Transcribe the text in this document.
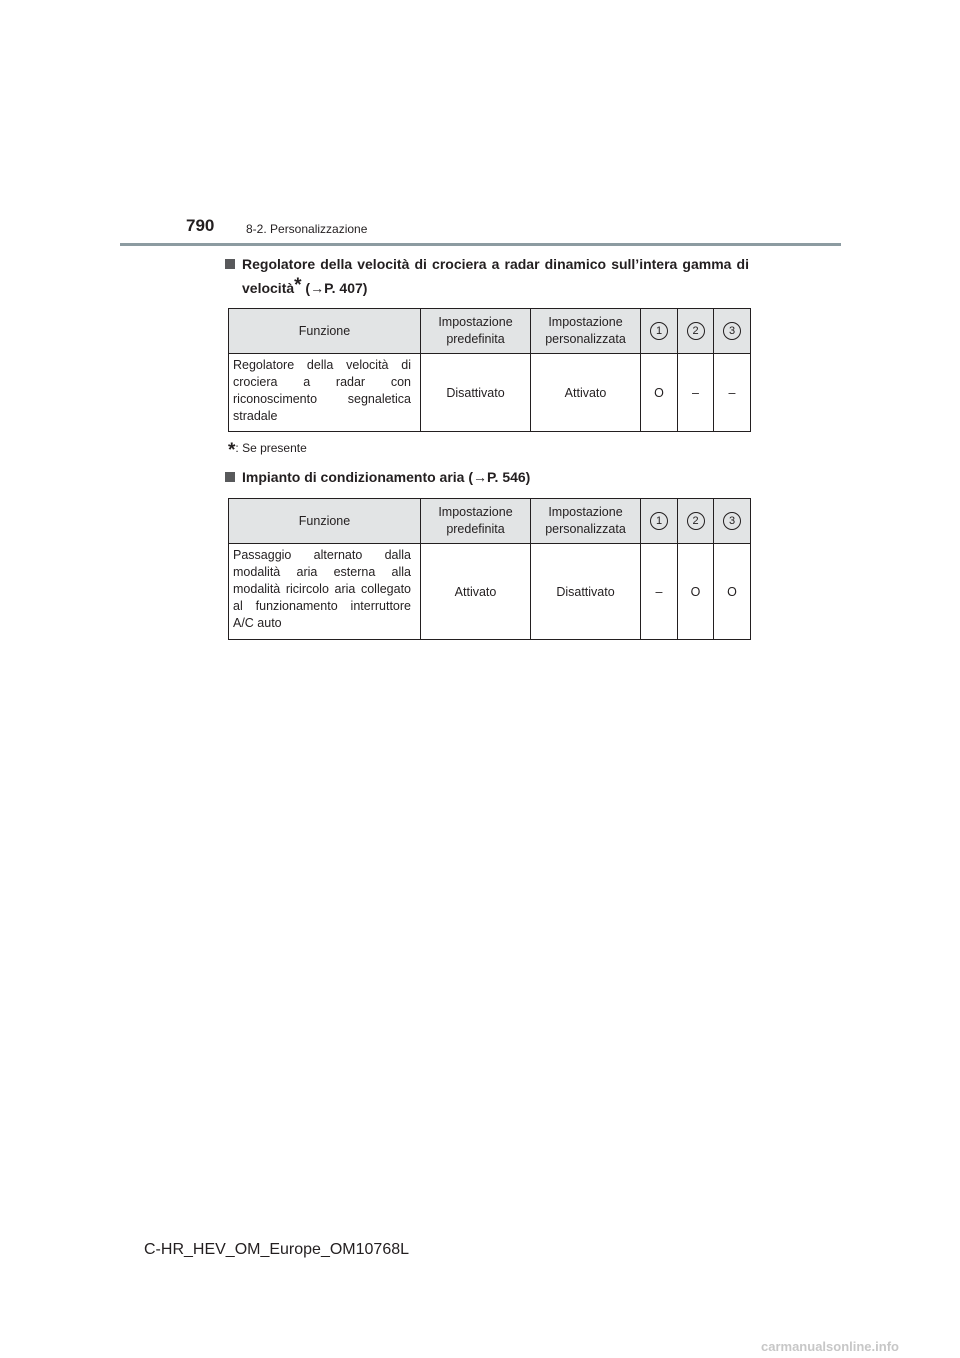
790	8-2. Personalizzazione
Regolatore della velocità di crociera a radar dinamico sull’intera gamma di velocità* (→P. 407)
Funzione	Impostazione predefinita	Impostazione personalizzata	1	2	3
Regolatore della velocità di crociera a radar con riconoscimento segnaletica stradale	Disattivato	Attivato	O	–	–
*: Se presente
Impianto di condizionamento aria (→P. 546)
Funzione	Impostazione predefinita	Impostazione personalizzata	1	2	3
Passaggio alternato dalla modalità aria esterna alla modalità ricircolo aria collegato al funzionamento interruttore A/C auto	Attivato	Disattivato	–	O	O
C-HR_HEV_OM_Europe_OM10768L
carmanualsonline.info
